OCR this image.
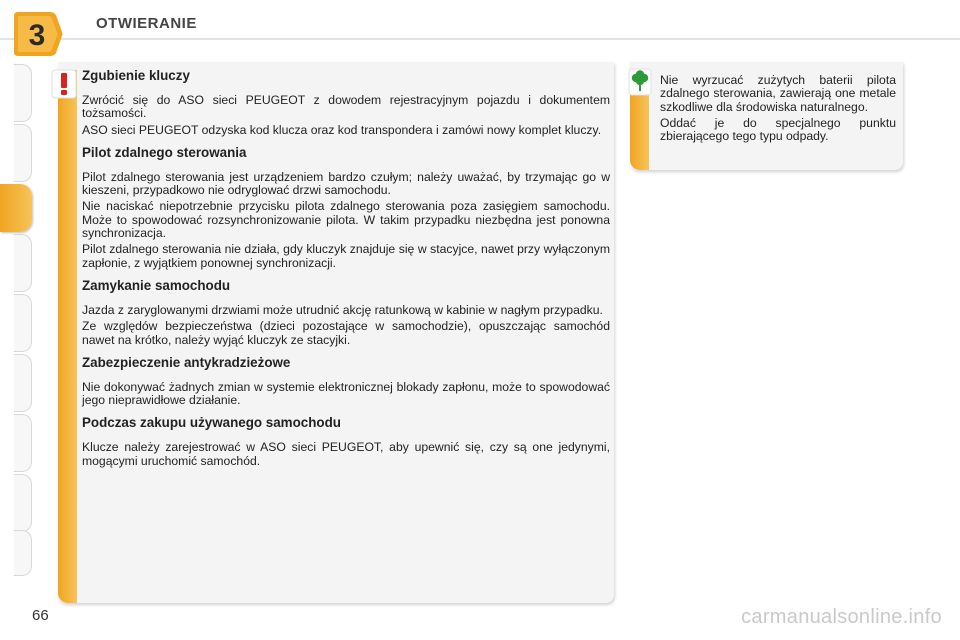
3	OTWIERANIE
Zgubienie kluczy

Zwrócić się do ASO sieci PEUGEOT z dowodem rejestracyjnym pojazdu i dokumentem tożsamości.

ASO sieci PEUGEOT odzyska kod klucza oraz kod transpondera i zamówi nowy komplet kluczy.

Pilot zdalnego sterowania

Pilot zdalnego sterowania jest urządzeniem bardzo czułym; należy uważać, by trzymając go w kieszeni, przypadkowo nie odryglować drzwi samochodu.

Nie naciskać niepotrzebnie przycisku pilota zdalnego sterowania poza zasięgiem samochodu. Może to spowodować rozsynchronizowanie pilota. W takim przypadku niezbędna jest ponowna synchronizacja.

Pilot zdalnego sterowania nie działa, gdy kluczyk znajduje się w stacyjce, nawet przy wyłączonym zapłonie, z wyjątkiem ponownej synchronizacji.

Zamykanie samochodu

Jazda z zaryglowanymi drzwiami może utrudnić akcję ratunkową w kabinie w nagłym przypadku.

Ze względów bezpieczeństwa (dzieci pozostające w samochodzie), opuszczając samochód nawet na krótko, należy wyjąć kluczyk ze stacyjki.

Zabezpieczenie antykradzieżowe

Nie dokonywać żadnych zmian w systemie elektronicznej blokady zapłonu, może to spowodować jego nieprawidłowe działanie.

Podczas zakupu używanego samochodu

Klucze należy zarejestrować w ASO sieci PEUGEOT, aby upewnić się, czy są one jedynymi, mogącymi uruchomić samochód.

Nie wyrzucać zużytych baterii pilota zdalnego sterowania, zawierają one metale szkodliwe dla środowiska naturalnego.

Oddać je do specjalnego punktu zbierającego tego typu odpady.

66	carmanualsonline.info
